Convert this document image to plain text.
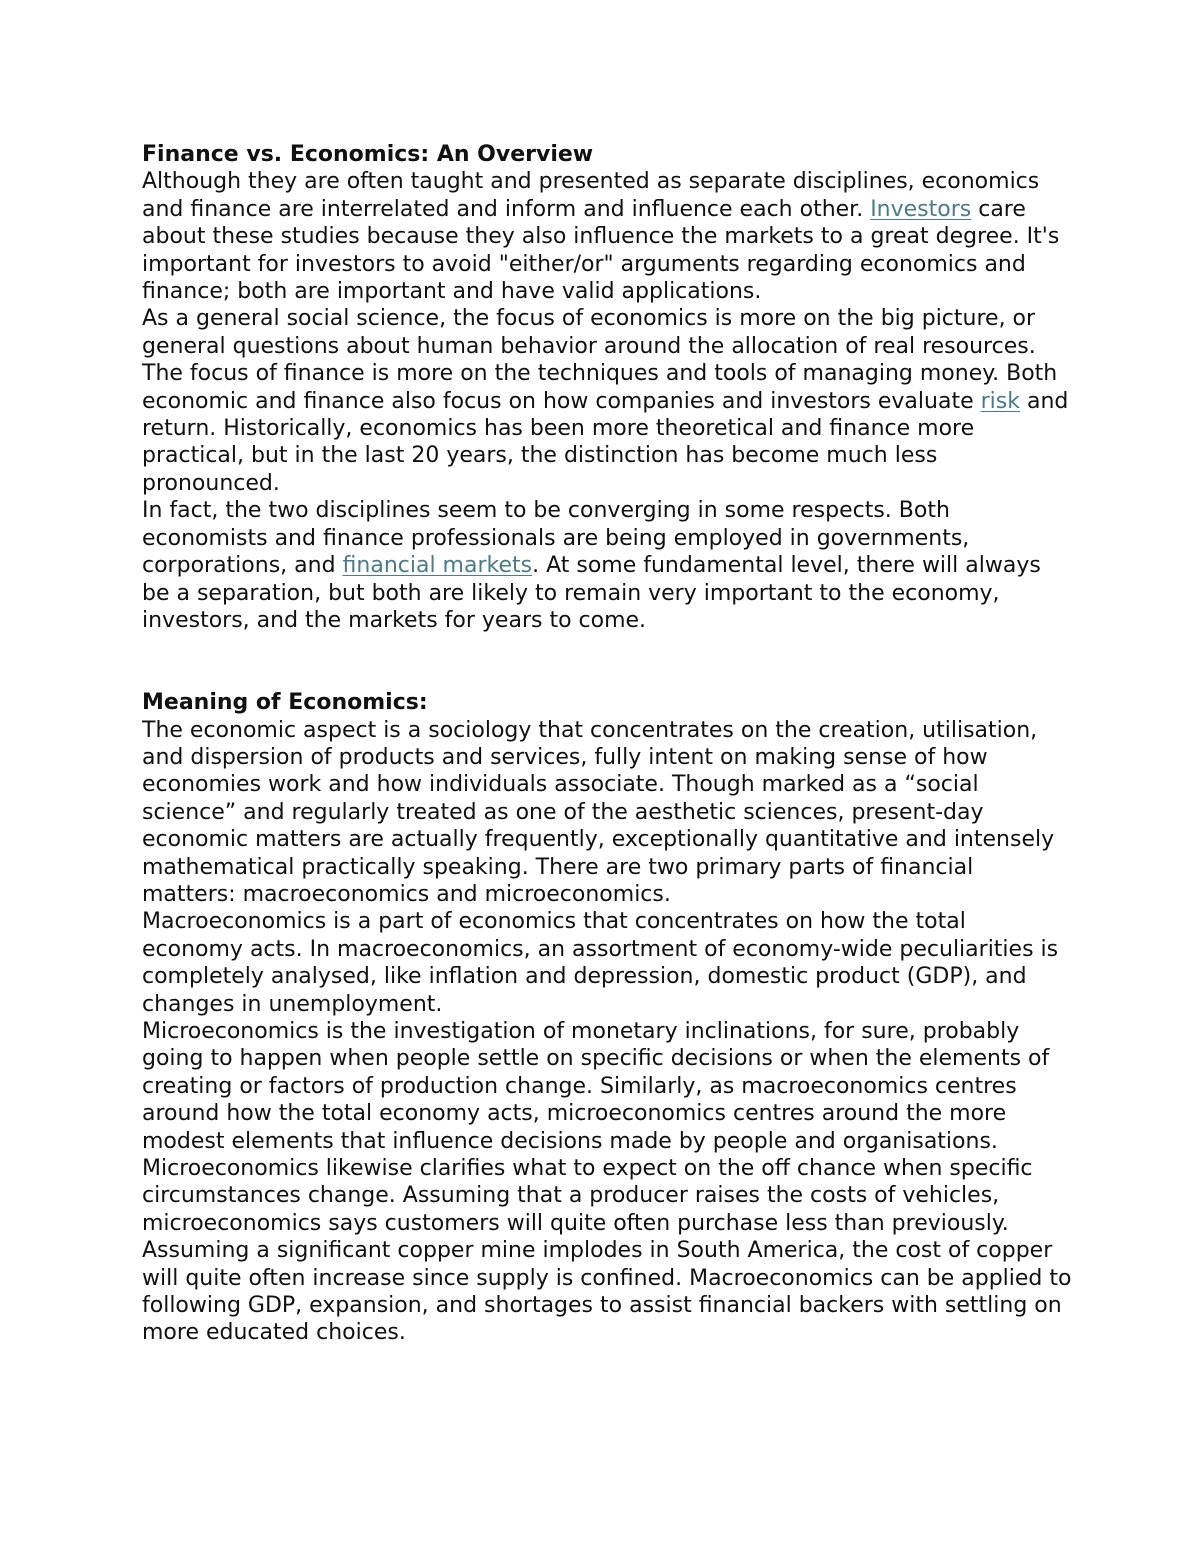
Finance vs. Economics: An Overview

Although they are often taught and presented as separate disciplines, economics and finance are interrelated and inform and influence each other. Investors care about these studies because they also influence the markets to a great degree. It's important for investors to avoid "either/or" arguments regarding economics and finance; both are important and have valid applications.

As a general social science, the focus of economics is more on the big picture, or general questions about human behavior around the allocation of real resources. The focus of finance is more on the techniques and tools of managing money. Both economic and finance also focus on how companies and investors evaluate risk and return. Historically, economics has been more theoretical and finance more practical, but in the last 20 years, the distinction has become much less pronounced.

In fact, the two disciplines seem to be converging in some respects. Both economists and finance professionals are being employed in governments, corporations, and financial markets. At some fundamental level, there will always be a separation, but both are likely to remain very important to the economy, investors, and the markets for years to come.

Meaning of Economics:

The economic aspect is a sociology that concentrates on the creation, utilisation, and dispersion of products and services, fully intent on making sense of how economies work and how individuals associate. Though marked as a “social science” and regularly treated as one of the aesthetic sciences, present-day economic matters are actually frequently, exceptionally quantitative and intensely mathematical practically speaking. There are two primary parts of financial matters: macroeconomics and microeconomics.

Macroeconomics is a part of economics that concentrates on how the total economy acts. In macroeconomics, an assortment of economy-wide peculiarities is completely analysed, like inflation and depression, domestic product (GDP), and changes in unemployment.

Microeconomics is the investigation of monetary inclinations, for sure, probably going to happen when people settle on specific decisions or when the elements of creating or factors of production change. Similarly, as macroeconomics centres around how the total economy acts, microeconomics centres around the more modest elements that influence decisions made by people and organisations.

Microeconomics likewise clarifies what to expect on the off chance when specific circumstances change. Assuming that a producer raises the costs of vehicles, microeconomics says customers will quite often purchase less than previously. Assuming a significant copper mine implodes in South America, the cost of copper will quite often increase since supply is confined. Macroeconomics can be applied to following GDP, expansion, and shortages to assist financial backers with settling on more educated choices.
